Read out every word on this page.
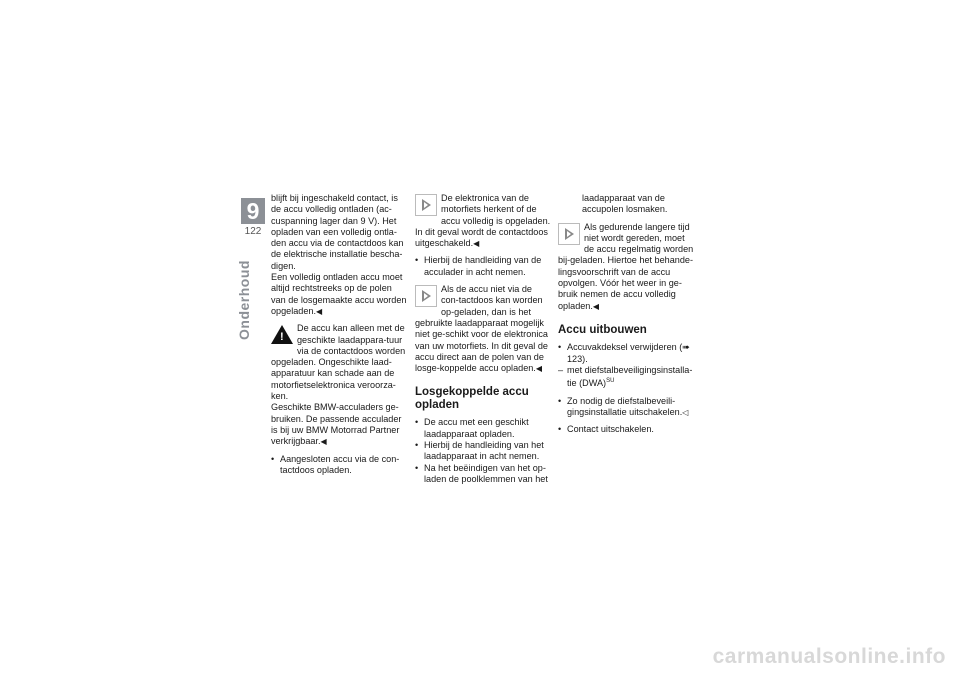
9
122
Onderhoud

blijft bij ingeschakeld contact, is de accu volledig ontladen (ac-cuspanning lager dan 9 V). Het opladen van een volledig ontla-den accu via de contactdoos kan de elektrische installatie bescha-digen.

Een volledig ontladen accu moet altijd rechtstreeks op de polen van de losgemaakte accu worden opgeladen. ◀

!

De accu kan alleen met de geschikte laadappara-tuur via de contactdoos worden opgeladen. Ongeschikte laad-apparatuur kan schade aan de motorfietselektronica veroorza-ken.

Geschikte BMW-acculaders ge-bruiken. De passende acculader is bij uw BMW Motorrad Partner verkrijgbaar. ◀

• Aangesloten accu via de con-tactdoos opladen.

De elektronica van de motorfiets herkent of de accu volledig is opgeladen. In dit geval wordt de contactdoos uitgeschakeld. ◀

• Hierbij de handleiding van de acculader in acht nemen.

Als de accu niet via de con-tactdoos kan worden op-geladen, dan is het gebruikte laadapparaat mogelijk niet ge-schikt voor de elektronica van uw motorfiets. In dit geval de accu direct aan de polen van de losge-koppelde accu opladen. ◀

Losgekoppelde accu opladen

• De accu met een geschikt laadapparaat opladen.

• Hierbij de handleiding van het laadapparaat in acht nemen.

• Na het beëindigen van het op-laden de poolklemmen van het

laadapparaat van de accupolen losmaken.

Als gedurende langere tijd niet wordt gereden, moet de accu regelmatig worden bij-geladen. Hiertoe het behande-lingsvoorschrift van de accu opvolgen. Vóór het weer in ge-bruik nemen de accu volledig opladen. ◀

Accu uitbouwen

• Accuvakdeksel verwijderen (➠ 123).

– met diefstalbeveiligingsinstalla-tie (DWA)$^{SU}$

• Zo nodig de diefstalbeveili-gingsinstallatie uitschakelen. ◁

• Contact uitschakelen.

carmanualsonline.info
